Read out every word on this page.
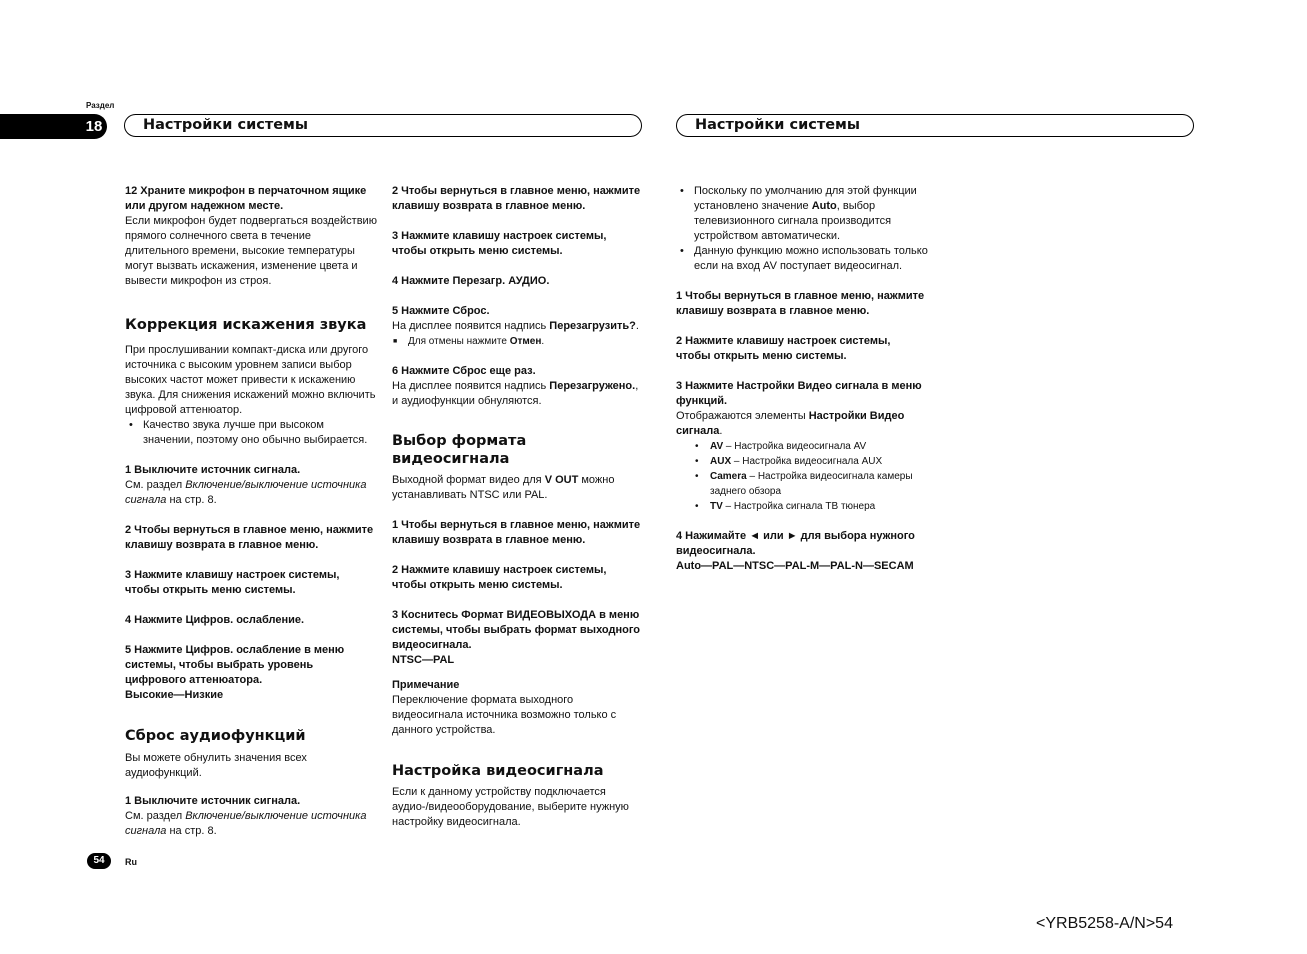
Раздел
18	Настройки системы	Настройки системы

12 Храните микрофон в перчаточном ящике или другом надежном месте.

Если микрофон будет подвергаться воздействию прямого солнечного света в течение длительного времени, высокие температуры могут вызвать искажения, изменение цвета и вывести микрофон из строя.

Коррекция искажения звука

При прослушивании компакт-диска или другого источника с высоким уровнем записи выбор высоких частот может привести к искажению звука. Для снижения искажений можно включить цифровой аттенюатор.

• Качество звука лучше при высоком значении, поэтому оно обычно выбирается.

1 Выключите источник сигнала.

См. раздел Включение/выключение источника сигнала на стр. 8.

2 Чтобы вернуться в главное меню, нажмите клавишу возврата в главное меню.

3 Нажмите клавишу настроек системы, чтобы открыть меню системы.

4 Нажмите Цифров. ослабление.

5 Нажмите Цифров. ослабление в меню системы, чтобы выбрать уровень цифрового аттенюатора.

Высокие—Низкие

Сброс аудиофункций

Вы можете обнулить значения всех аудиофункций.

1 Выключите источник сигнала.

См. раздел Включение/выключение источника сигнала на стр. 8.

2 Чтобы вернуться в главное меню, нажмите клавишу возврата в главное меню.

3 Нажмите клавишу настроек системы, чтобы открыть меню системы.

4 Нажмите Перезагр. АУДИО.

5 Нажмите Сброс.

На дисплее появится надпись Перезагрузить?.

■ Для отмены нажмите Отмен.

6 Нажмите Сброс еще раз.

На дисплее появится надпись Перезагружено., и аудиофункции обнуляются.

Выбор формата видеосигнала

Выходной формат видео для V OUT можно устанавливать NTSC или PAL.

1 Чтобы вернуться в главное меню, нажмите клавишу возврата в главное меню.

2 Нажмите клавишу настроек системы, чтобы открыть меню системы.

3 Коснитесь Формат ВИДЕОВЫХОДА в меню системы, чтобы выбрать формат выходного видеосигнала.

NTSC—PAL

Примечание

Переключение формата выходного видеосигнала источника возможно только с данного устройства.

Настройка видеосигнала

Если к данному устройству подключается аудио-/видеооборудование, выберите нужную настройку видеосигнала.

• Поскольку по умолчанию для этой функции установлено значение Auto, выбор телевизионного сигнала производится устройством автоматически.
• Данную функцию можно использовать только если на вход AV поступает видеосигнал.

1 Чтобы вернуться в главное меню, нажмите клавишу возврата в главное меню.

2 Нажмите клавишу настроек системы, чтобы открыть меню системы.

3 Нажмите Настройки Видео сигнала в меню функций.

Отображаются элементы Настройки Видео сигнала.

• AV – Настройка видеосигнала AV
• AUX – Настройка видеосигнала AUX
• Camera – Настройка видеосигнала камеры заднего обзора
• TV – Настройка сигнала ТВ тюнера

4 Нажимайте ◄ или ► для выбора нужного видеосигнала.

Auto—PAL—NTSC—PAL-M—PAL-N—SECAM

54	Ru
<YRB5258-A/N>54
